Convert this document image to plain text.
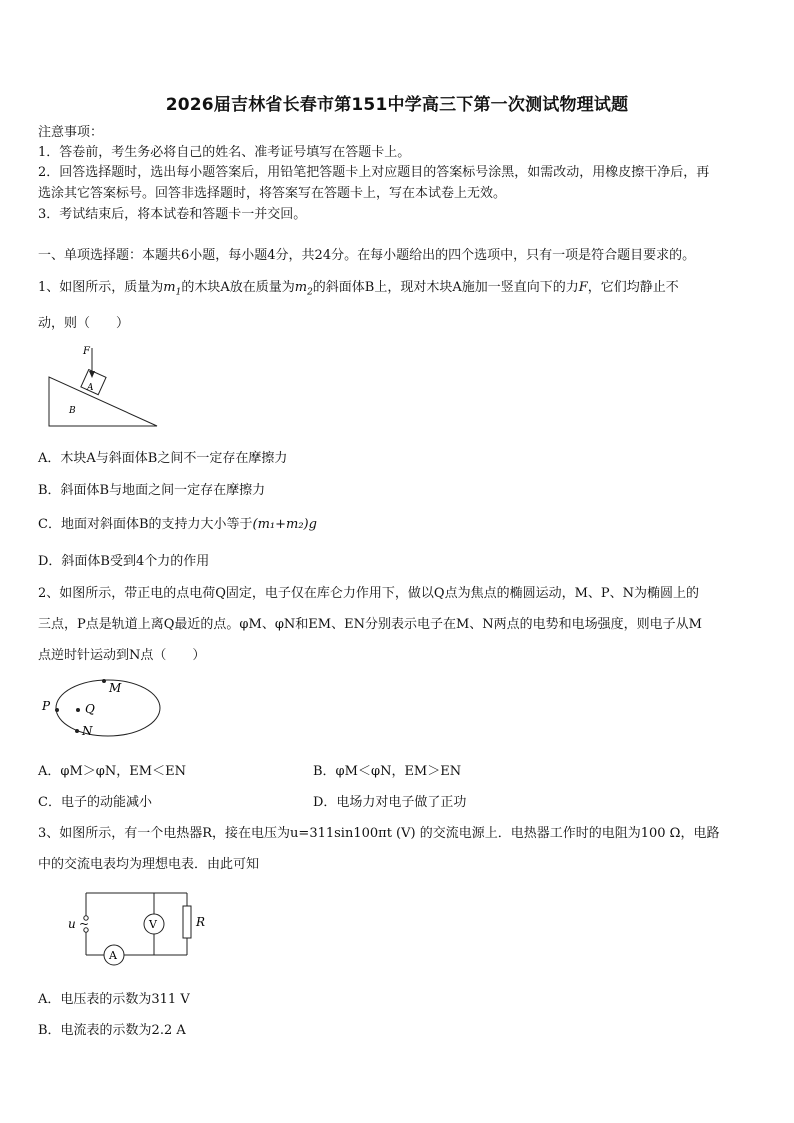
2026届吉林省长春市第151中学高三下第一次测试物理试题
注意事项：
1．答卷前，考生务必将自己的姓名、准考证号填写在答题卡上。
2．回答选择题时，选出每小题答案后，用铅笔把答题卡上对应题目的答案标号涂黑，如需改动，用橡皮擦干净后，再
选涂其它答案标号。回答非选择题时，将答案写在答题卡上，写在本试卷上无效。
3．考试结束后，将本试卷和答题卡一并交回。
一、单项选择题：本题共6小题，每小题4分，共24分。在每小题给出的四个选项中，只有一项是符合题目要求的。
1、如图所示，质量为$m_1$的木块A放在质量为$m_2$的斜面体B上，现对木块A施加一竖直向下的力F，它们均静止不
动，则（　　）
F
A
B
A．木块A与斜面体B之间不一定存在摩擦力
B．斜面体B与地面之间一定存在摩擦力
C．地面对斜面体B的支持力大小等于(m₁+m₂)g
D．斜面体B受到4个力的作用
2、如图所示，带正电的点电荷Q固定，电子仅在库仑力作用下，做以Q点为焦点的椭圆运动，M、P、N为椭圆上的
三点，P点是轨道上离Q最近的点。φM、φN和EM、EN分别表示电子在M、N两点的电势和电场强度，则电子从M
点逆时针运动到N点（　　）
P	Q
M
N
A．φM＞φN，EM＜EN	B．φM＜φN，EM＞EN
C．电子的动能减小	D．电场力对电子做了正功
3、如图所示，有一个电热器R，接在电压为u=311sin100πt (V) 的交流电源上．电热器工作时的电阻为100 Ω，电路
中的交流电表均为理想电表．由此可知
u ~	V	R
A
A．电压表的示数为311 V
B．电流表的示数为2.2 A
